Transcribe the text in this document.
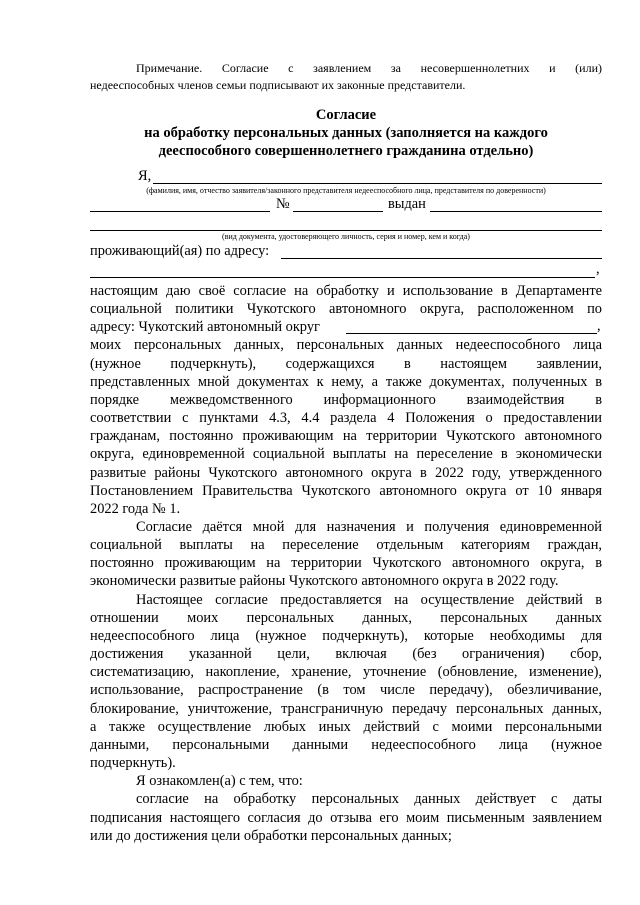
Примечание. Согласие с заявлением за несовершеннолетних и (или)
недееспособных членов семьи подписывают их законные представители.
Согласие
на обработку персональных данных (заполняется на каждого
дееспособного совершеннолетнего гражданина отдельно)
Я,
(фамилия, имя, отчество заявителя/законного представителя недееспособного лица, представителя по доверенности)
№	выдан
(вид документа, удостоверяющего личность, серия и номер, кем и когда)
проживающий(ая) по адресу:
,
настоящим даю своё согласие на обработку и использование в Департаменте
социальной политики Чукотского автономного округа, расположенном по
адресу: Чукотский автономный округ	,
моих персональных данных, персональных данных недееспособного лица
(нужное подчеркнуть), содержащихся в настоящем заявлении,
представленных мной документах к нему, а также документах, полученных в
порядке межведомственного информационного взаимодействия в
соответствии с пунктами 4.3, 4.4 раздела 4 Положения о предоставлении
гражданам, постоянно проживающим на территории Чукотского автономного
округа, единовременной социальной выплаты на переселение в экономически
развитые районы Чукотского автономного округа в 2022 году, утвержденного
Постановлением Правительства Чукотского автономного округа от 10 января
2022 года № 1.
Согласие даётся мной для назначения и получения единовременной
социальной выплаты на переселение отдельным категориям граждан,
постоянно проживающим на территории Чукотского автономного округа, в
экономически развитые районы Чукотского автономного округа в 2022 году.
Настоящее согласие предоставляется на осуществление действий в
отношении моих персональных данных, персональных данных
недееспособного лица (нужное подчеркнуть), которые необходимы для
достижения указанной цели, включая (без ограничения) сбор,
систематизацию, накопление, хранение, уточнение (обновление, изменение),
использование, распространение (в том числе передачу), обезличивание,
блокирование, уничтожение, трансграничную передачу персональных данных,
а также осуществление любых иных действий с моими персональными
данными, персональными данными недееспособного лица (нужное
подчеркнуть).
Я ознакомлен(а) с тем, что:
согласие на обработку персональных данных действует с даты
подписания настоящего согласия до отзыва его моим письменным заявлением
или до достижения цели обработки персональных данных;
